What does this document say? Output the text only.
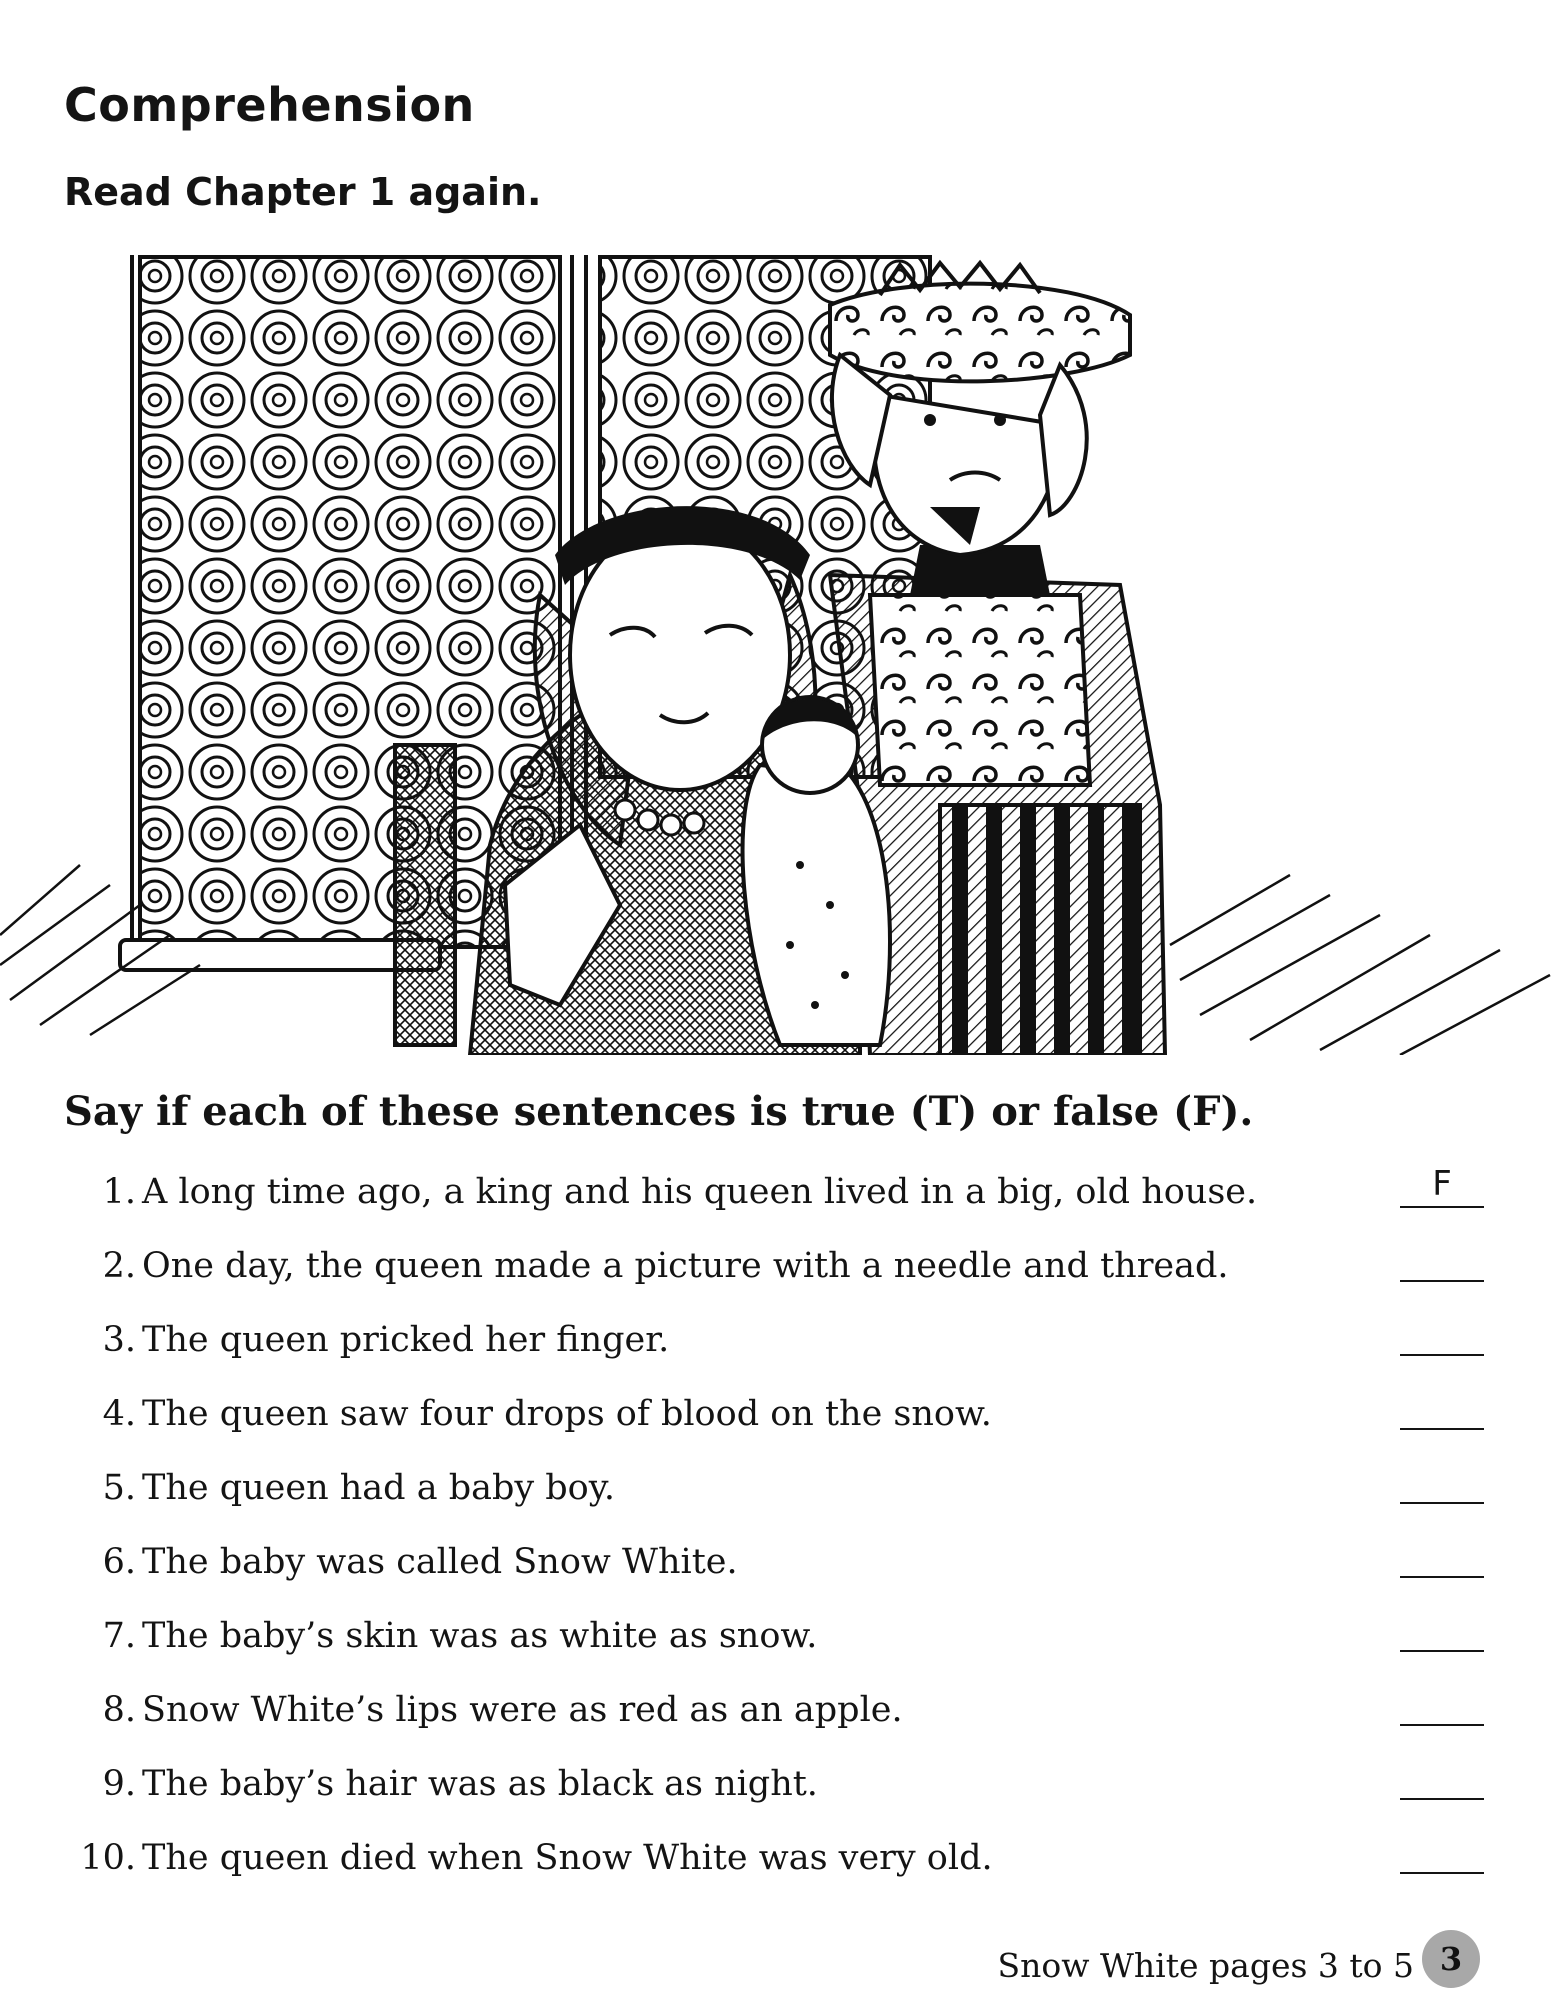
Comprehension
Read Chapter 1 again.
Say if each of these sentences is true (T) or false (F).
1. A long time ago, a king and his queen lived in a big, old house.	F
2. One day, the queen made a picture with a needle and thread.
3. The queen pricked her finger.
4. The queen saw four drops of blood on the snow.
5. The queen had a baby boy.
6. The baby was called Snow White.
7. The baby’s skin was as white as snow.
8. Snow White’s lips were as red as an apple.
9. The baby’s hair was as black as night.
10. The queen died when Snow White was very old.

Snow White pages 3 to 5 3
